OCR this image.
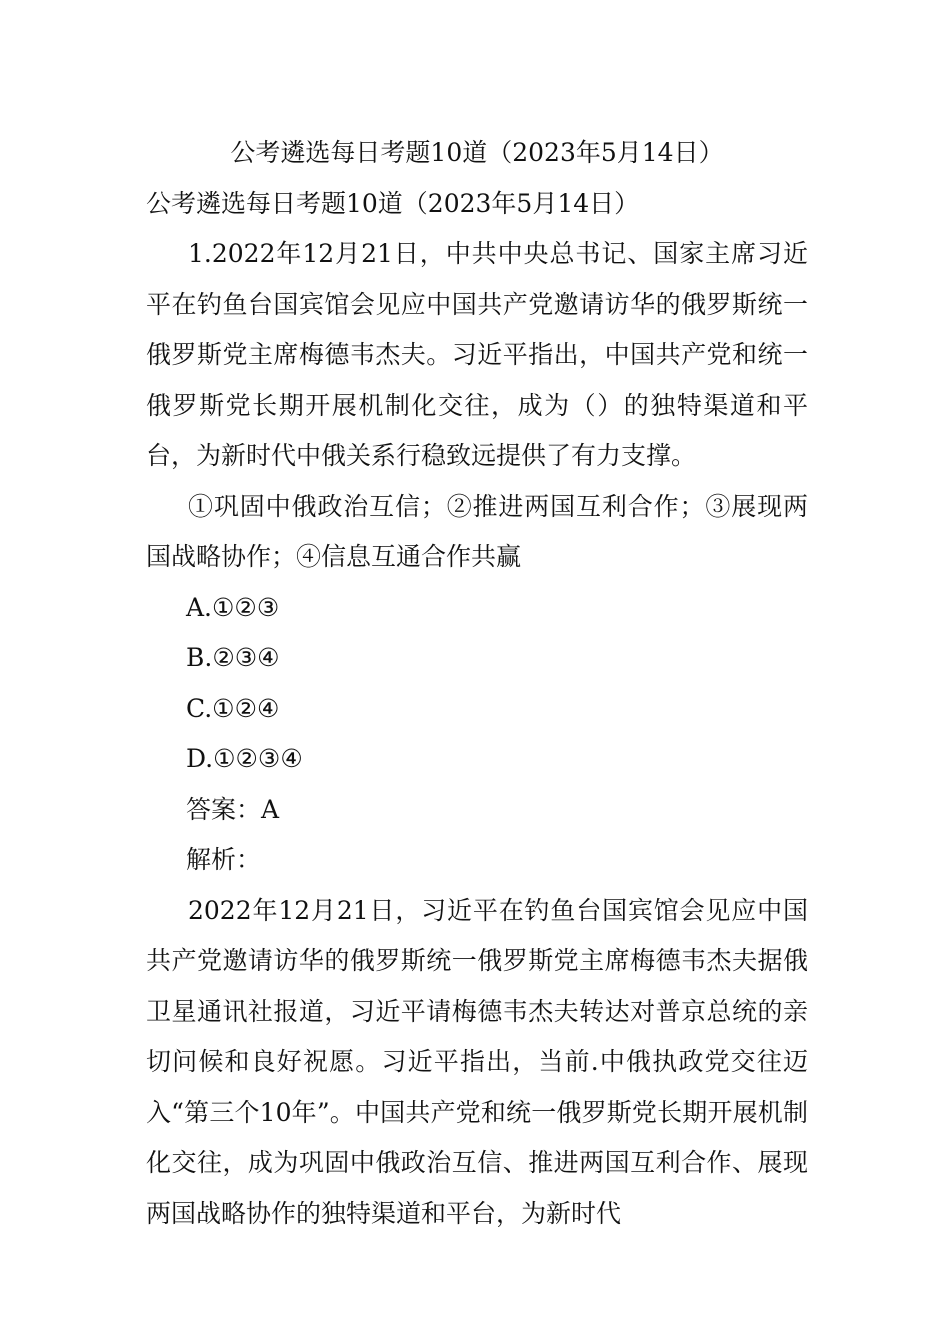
公考遴选每日考题10道（2023年5月14日）

公考遴选每日考题10道（2023年5月14日）

1.2022年12月21日，中共中央总书记、国家主席习近平在钓鱼台国宾馆会见应中国共产党邀请访华的俄罗斯统一俄罗斯党主席梅德韦杰夫。习近平指出，中国共产党和统一俄罗斯党长期开展机制化交往，成为（）的独特渠道和平台，为新时代中俄关系行稳致远提供了有力支撑。

①巩固中俄政治互信；②推进两国互利合作；③展现两国战略协作；④信息互通合作共赢

A.①②③

B.②③④

C.①②④

D.①②③④

答案：A

解析：

2022年12月21日，习近平在钓鱼台国宾馆会见应中国共产党邀请访华的俄罗斯统一俄罗斯党主席梅德韦杰夫据俄卫星通讯社报道，习近平请梅德韦杰夫转达对普京总统的亲切问候和良好祝愿。习近平指出，当前.中俄执政党交往迈入“第三个10年”。中国共产党和统一俄罗斯党长期开展机制化交往，成为巩固中俄政治互信、推进两国互利合作、展现两国战略协作的独特渠道和平台，为新时代
